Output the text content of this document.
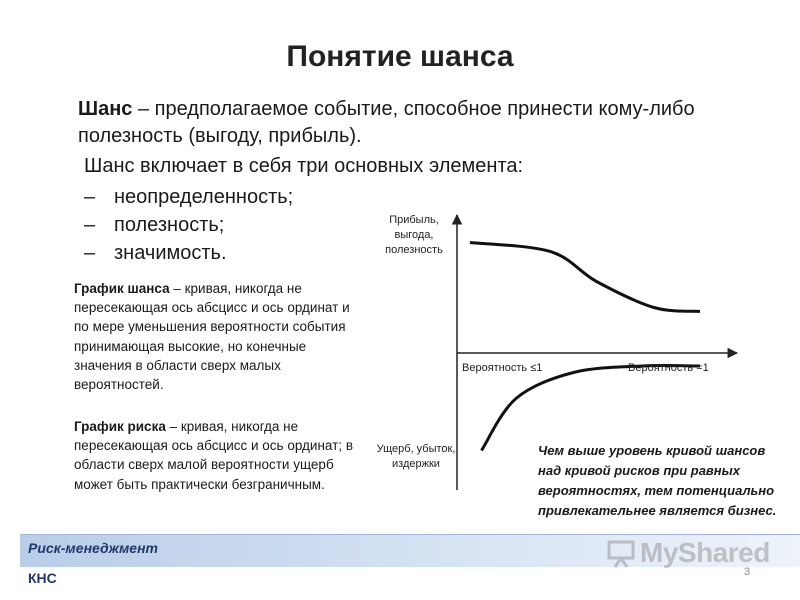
Понятие шанса
Шанс – предполагаемое событие, способное принести кому-либо полезность (выгоду, прибыль).
Шанс включает в себя три основных элемента:
– неопределенность;
– полезность;
– значимость.
График шанса – кривая, никогда не пересекающая ось абсцисс и ось ординат и по мере уменьшения вероятности события принимающая высокие, но конечные значения в области сверх малых вероятностей.
График риска – кривая, никогда не пересекающая ось абсцисс и ось ординат; в области сверх малой вероятности ущерб может быть практически безграничным.
Прибыль, выгода, полезность
Ущерб, убыток, издержки
Вероятность ≤1	Вероятность =1
Чем выше уровень кривой шансов над кривой рисков при равных вероятностях, тем потенциально привлекательнее является бизнес.
Риск-менеджмент
КНС
MyShared
3
